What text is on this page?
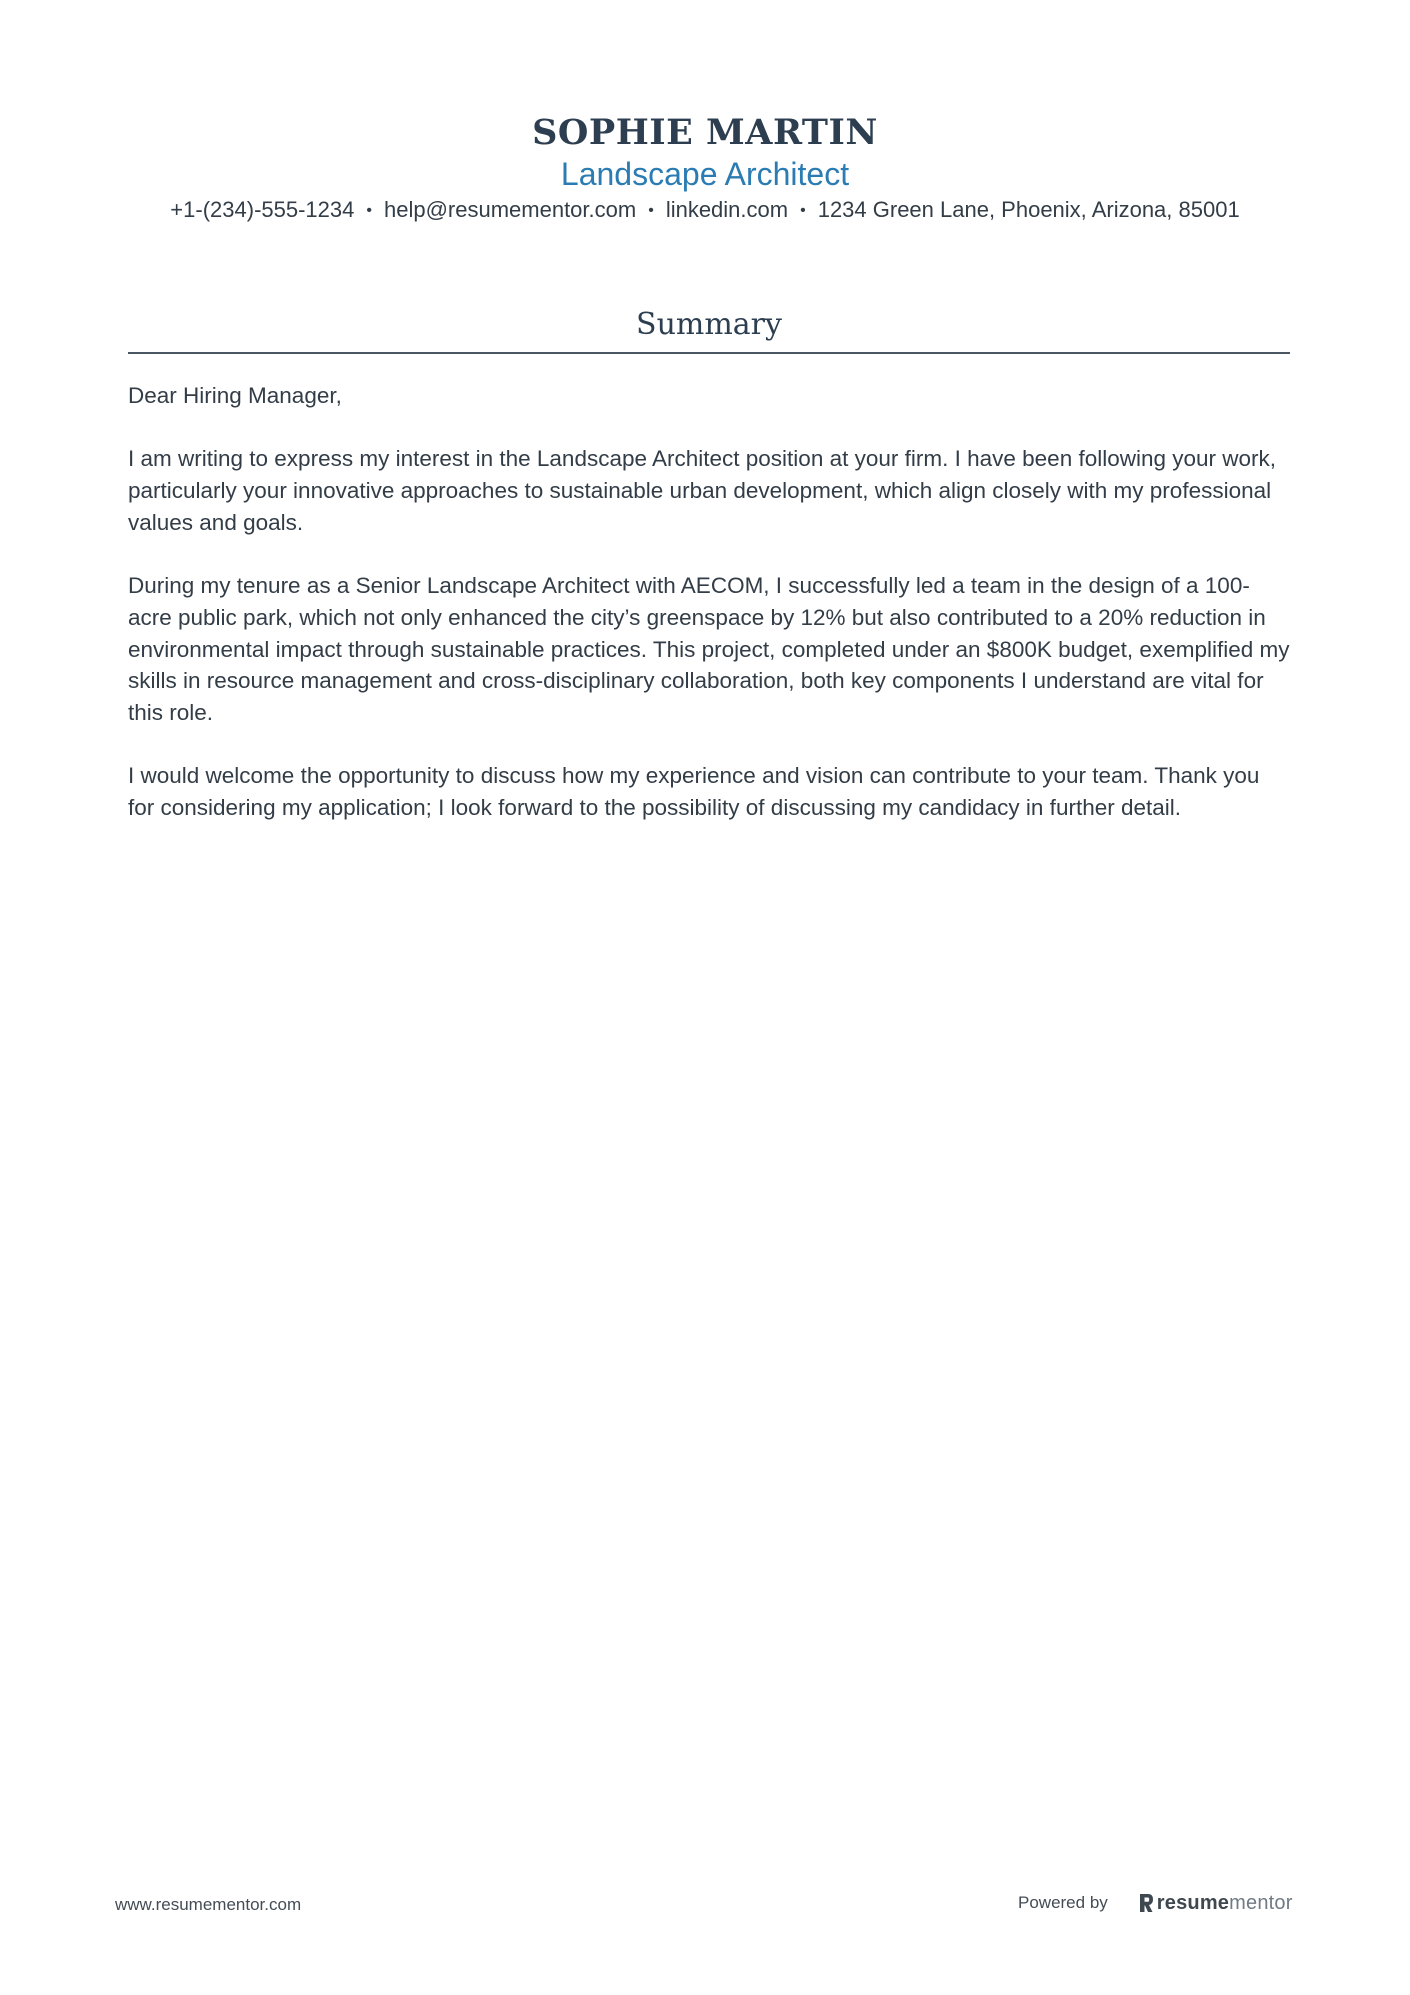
SOPHIE MARTIN
Landscape Architect
+1-(234)-555-1234 • help@resumementor.com • linkedin.com • 1234 Green Lane, Phoenix, Arizona, 85001
Summary

Dear Hiring Manager,

I am writing to express my interest in the Landscape Architect position at your firm. I have been following your work, particularly your innovative approaches to sustainable urban development, which align closely with my professional values and goals.

During my tenure as a Senior Landscape Architect with AECOM, I successfully led a team in the design of a 100-acre public park, which not only enhanced the city’s greenspace by 12% but also contributed to a 20% reduction in environmental impact through sustainable practices. This project, completed under an $800K budget, exemplified my skills in resource management and cross-disciplinary collaboration, both key components I understand are vital for this role.

I would welcome the opportunity to discuss how my experience and vision can contribute to your team. Thank you for considering my application; I look forward to the possibility of discussing my candidacy in further detail.

www.resumementor.com	Powered by resume mentor
